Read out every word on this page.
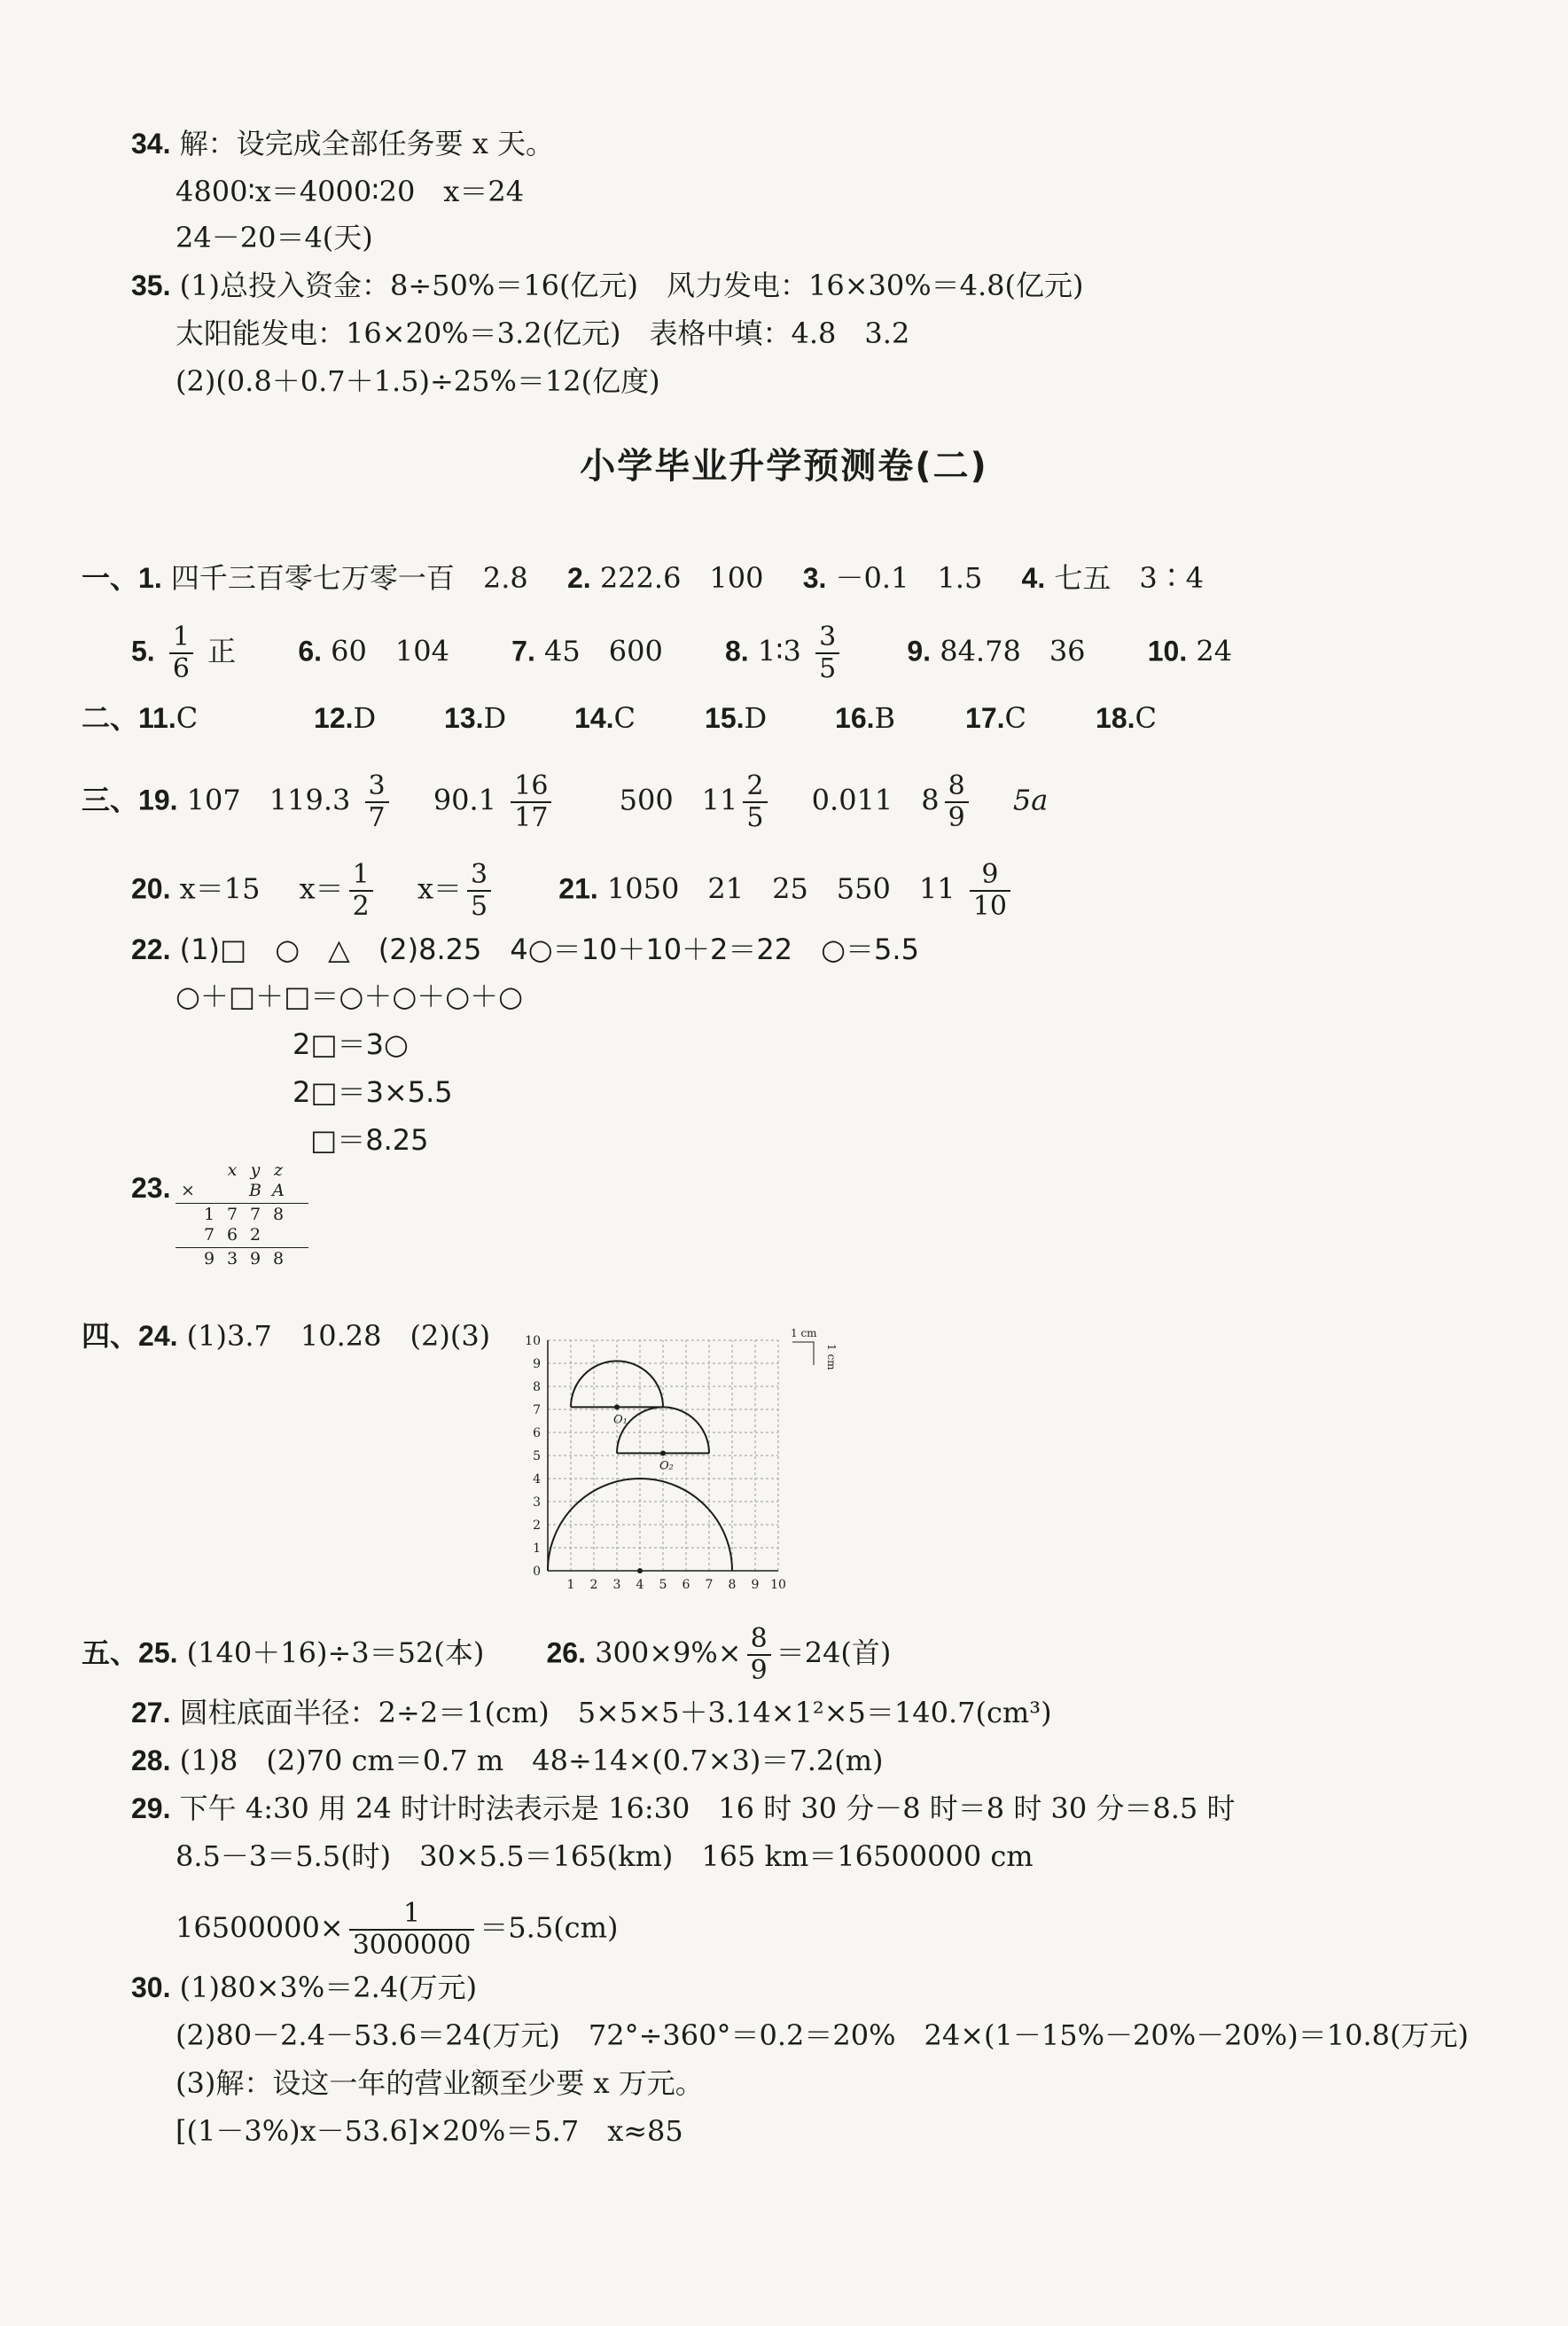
34. 解：设完成全部任务要 x 天。
4800∶x＝4000∶20　x＝24
24－20＝4(天)
35. (1)总投入资金：8÷50%＝16(亿元)　风力发电：16×30%＝4.8(亿元)
太阳能发电：16×20%＝3.2(亿元)　表格中填：4.8　3.2
(2)(0.8＋0.7＋1.5)÷25%＝12(亿度)
小学毕业升学预测卷(二)
一、1. 四千三百零七万零一百　2.8 2. 222.6　100 3. －0.1　1.5 4. 七五　3∶4
5. $\frac{1}{6}$ 正 6. 60　104 7. 45　600 8. 1∶3 $\frac{3}{5} 9$. 84.78　36 10. 24
二、11.C	12.D 13.D 14.C 15.D 16.B 17.C 18.C
三、19. 107　$119.3 \frac{3}{7} 90.1 \frac{16}{17} 500$　$11 \frac{2}{5} 0.011$　$8 \frac{8}{9} 5a$
20. x＝15 $x= \frac{1}{2} x= \frac{3}{5} 21$. 1050　21　25　550　$11 \frac{9}{10}$
22. (1)□　○　△　(2)8.25　4○＝10＋10＋2＝22　○＝5.5
○＋□＋□＝○＋○＋○＋○
2□＝3○
2□＝3×5.5
□＝8.25
23.
x y z
×	B A
1 7 7 8
7 6 2
9 3 9 8
四、24. (1)3.7　10.28　(2)(3)
1 2 3 4 5 6 7 8 9 10
0
1
2
3
4
5
6
7
8
9
10
O₁
O₂
1 cm
1 cm
五、25. (140＋16)÷3＝52(本) 26. $300\times 9\%\times \frac{8}{9} =24$(首)
27. 圆柱底面半径：2÷2＝1(cm)　5×5×5＋3.14×1²×5＝140.7(cm³)
28. (1)8　(2)70 cm＝0.7 m　48÷14×(0.7×3)＝7.2(m)
29. 下午 4:30 用 24 时计时法表示是 16:30　16 时 30 分－8 时＝8 时 30 分＝8.5 时
8.5－3＝5.5(时)　30×5.5＝165(km)　165 km＝16500000 cm
$16500000\times \frac{1}{3000000} =5.5(cm)$
30. (1)80×3%＝2.4(万元)
(2)80－2.4－53.6＝24(万元)　72°÷360°＝0.2＝20%　24×(1－15%－20%－20%)＝10.8(万元)
(3)解：设这一年的营业额至少要 x 万元。
[(1－3%)x－53.6]×20%＝5.7　x≈85
